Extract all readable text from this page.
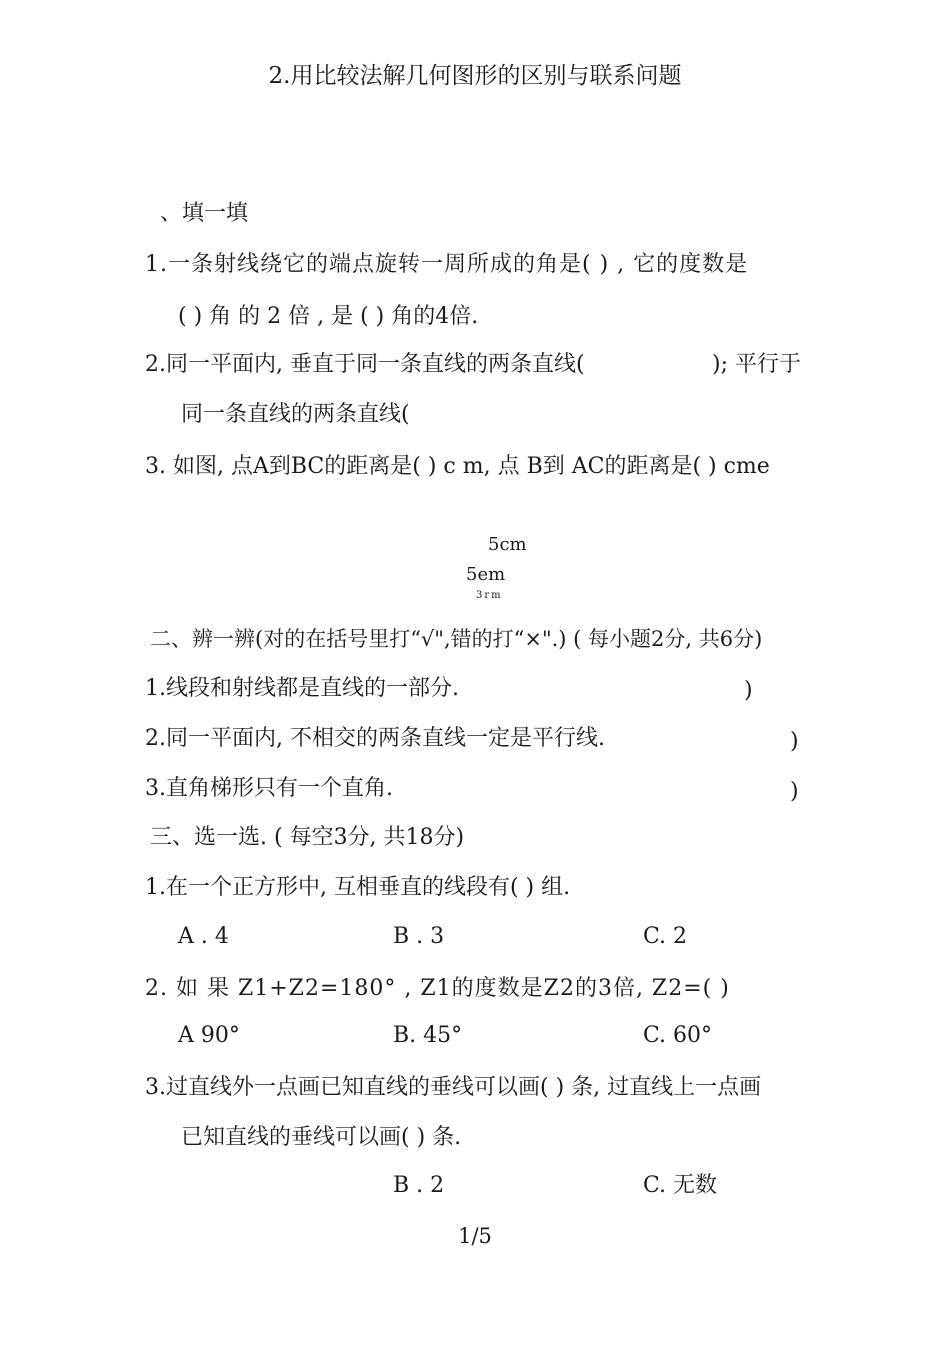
2.用比较法解几何图形的区别与联系问题
、填一填
1.一条射线绕它的端点旋转一周所成的角是( ) , 它的度数是
( ) 角 的 2 倍 , 是 ( ) 角的4倍.
2.同一平面内, 垂直于同一条直线的两条直线(	); 平行于
同一条直线的两条直线(
3. 如图, 点A到BC的距离是( ) c m, 点 B到 AC的距离是( ) cme
5cm
5em
3rm
二、辨一辨(对的在括号里打“√",错的打“×".) ( 每小题2分, 共6分)
1.线段和射线都是直线的一部分.	)
2.同一平面内, 不相交的两条直线一定是平行线.	)
3.直角梯形只有一个直角.	)
三、选一选. ( 每空3分, 共18分)
1.在一个正方形中, 互相垂直的线段有( ) 组.
A . 4	B . 3	C. 2
2. 如 果 Z1+Z2=180° , Z1的度数是Z2的3倍, Z2=( )
A 90°	B. 45°	C. 60°
3.过直线外一点画已知直线的垂线可以画( ) 条, 过直线上一点画
已知直线的垂线可以画( ) 条.
B . 2	C. 无数
1/5
